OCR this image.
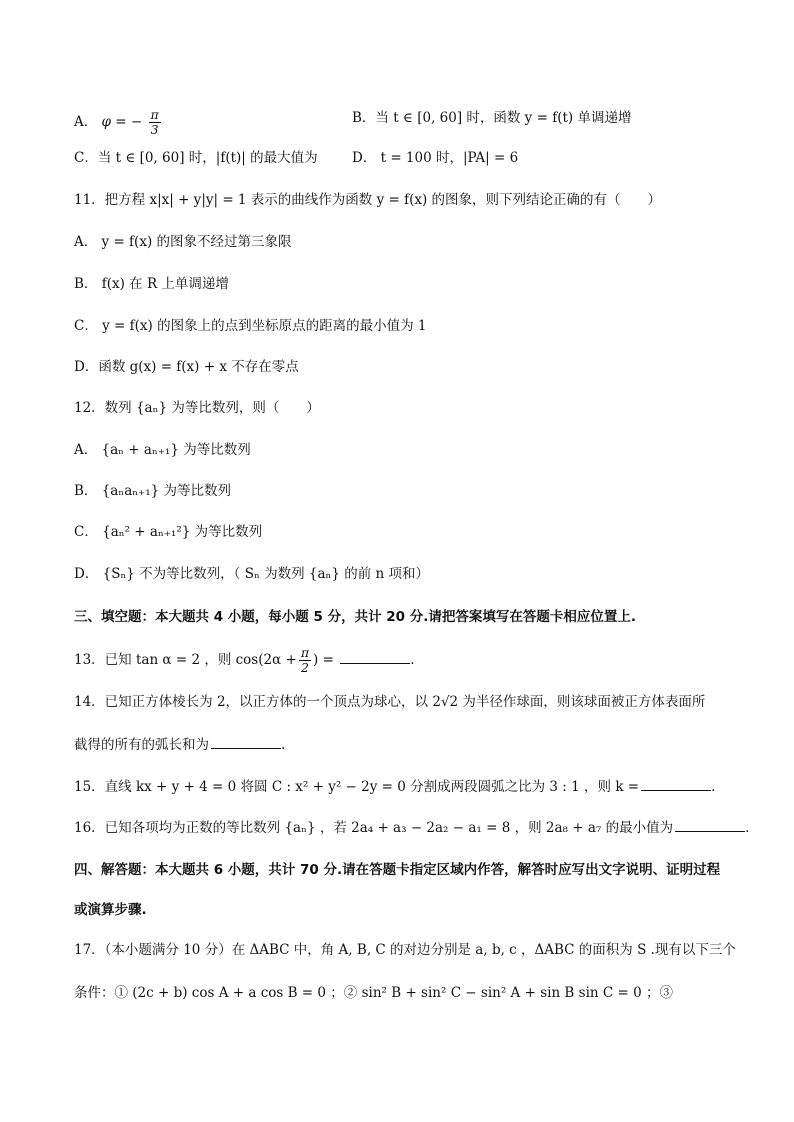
A． φ = − $\frac{\pi}{3}$	B．当 t ∈ [0, 60] 时，函数 y = f(t) 单调递增
C．当 t ∈ [0, 60] 时，|f(t)| 的最大值为	D． t = 100 时，|PA| = 6
11．把方程 x|x| + y|y| = 1 表示的曲线作为函数 y = f(x) 的图象，则下列结论正确的有（　　）
A． y = f(x) 的图象不经过第三象限
B． f(x) 在 R 上单调递增
C． y = f(x) 的图象上的点到坐标原点的距离的最小值为 1
D．函数 g(x) = f(x) + x 不存在零点
12．数列 {aₙ} 为等比数列，则（　　）
A． {aₙ + aₙ₊₁} 为等比数列
B． {aₙaₙ₊₁} 为等比数列
C． {aₙ² + aₙ₊₁²} 为等比数列
D． {Sₙ} 不为等比数列，（ Sₙ 为数列 {aₙ} 的前 n 项和）
三、填空题：本大题共 4 小题，每小题 5 分，共计 20 分.请把答案填写在答题卡相应位置上.
13．已知 tan α = 2 ，则 $\cos(2\alpha + \frac{\pi}{2}$ ) =	.
14．已知正方体棱长为 2，以正方体的一个顶点为球心，以 2√2 为半径作球面，则该球面被正方体表面所
截得的所有的弧长和为	.
15．直线 kx + y + 4 = 0 将圆 C : x² + y² − 2y = 0 分割成两段圆弧之比为 3 : 1 ，则 k =	.
16．已知各项均为正数的等比数列 {aₙ} ，若 2a₄ + a₃ − 2a₂ − a₁ = 8 ，则 2a₈ + a₇ 的最小值为	.
四、解答题：本大题共 6 小题，共计 70 分.请在答题卡指定区域内作答，解答时应写出文字说明、证明过程
或演算步骤.
17．（本小题满分 10 分）在 ΔABC 中，角 A, B, C 的对边分别是 a, b, c ，ΔABC 的面积为 S .现有以下三个
条件：① (2c + b) cos A + a cos B = 0 ；② sin² B + sin² C − sin² A + sin B sin C = 0 ；③
